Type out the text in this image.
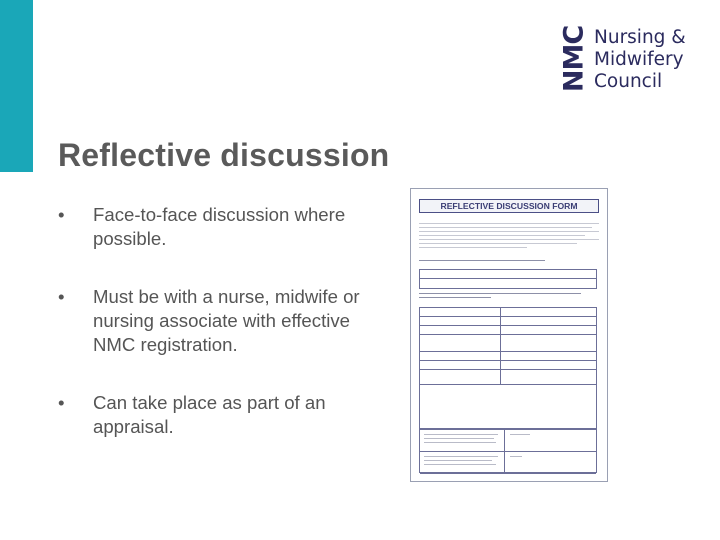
NMC Nursing &
Midwifery
Council
Reflective discussion
• Face-to-face discussion where possible.
• Must be with a nurse, midwife or nursing associate with effective NMC registration.
• Can take place as part of an appraisal.
REFLECTIVE DISCUSSION FORM
